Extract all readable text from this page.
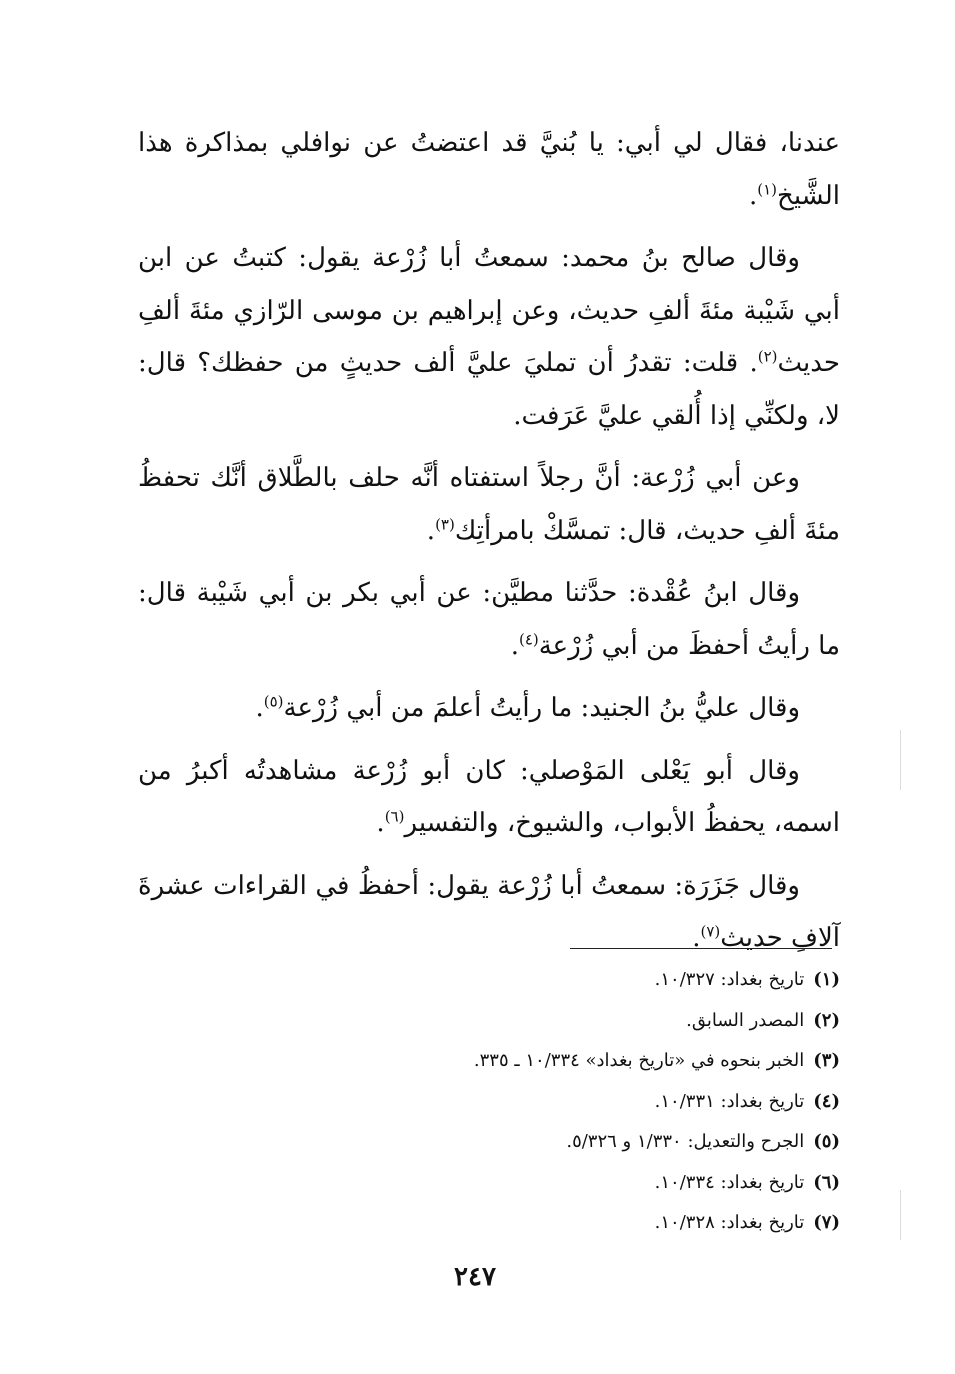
عندنا، فقال لي أبي: يا بُنيَّ قد اعتضتُ عن نوافلي بمذاكرة هذا الشَّيخ$^{(١)}$.

وقال صالح بنُ محمد: سمعتُ أبا زُرْعة يقول: كتبتُ عن ابن أبي شَيْبة مئةَ ألفِ حديث، وعن إبراهيم بن موسى الرّازي مئةَ ألفِ حديث$^{(٢)}$. قلت: تقدرُ أن تمليَ عليَّ ألف حديثٍ من حفظك؟ قال: لا، ولكنِّي إذا أُلقي عليَّ عَرَفت.

وعن أبي زُرْعة: أنَّ رجلاً استفتاه أنَّه حلف بالطَّلاق أنَّك تحفظُ مئةَ ألفِ حديث، قال: تمسَّكْ بامرأتِك$^{(٣)}$.

وقال ابنُ عُقْدة: حدَّثنا مطيَّن: عن أبي بكر بن أبي شَيْبة قال: ما رأيتُ أحفظَ من أبي زُرْعة$^{(٤)}$.

وقال عليُّ بنُ الجنيد: ما رأيتُ أعلمَ من أبي زُرْعة$^{(٥)}$.

وقال أبو يَعْلى المَوْصلي: كان أبو زُرْعة مشاهدتُه أكبرُ من اسمه، يحفظُ الأبواب، والشيوخ، والتفسير$^{(٦)}$.

وقال جَزَرَة: سمعتُ أبا زُرْعة يقول: أحفظُ في القراءات عشرةَ آلافِ حديث$^{(٧)}$.

(١) تاريخ بغداد: ١٠/٣٢٧.

(٢) المصدر السابق.

(٣) الخبر بنحوه في «تاريخ بغداد» ١٠/٣٣٤ ـ ٣٣٥.

(٤) تاريخ بغداد: ١٠/٣٣١.

(٥) الجرح والتعديل: ١/٣٣٠ و ٥/٣٢٦.

(٦) تاريخ بغداد: ١٠/٣٣٤.

(٧) تاريخ بغداد: ١٠/٣٢٨.

٢٤٧
